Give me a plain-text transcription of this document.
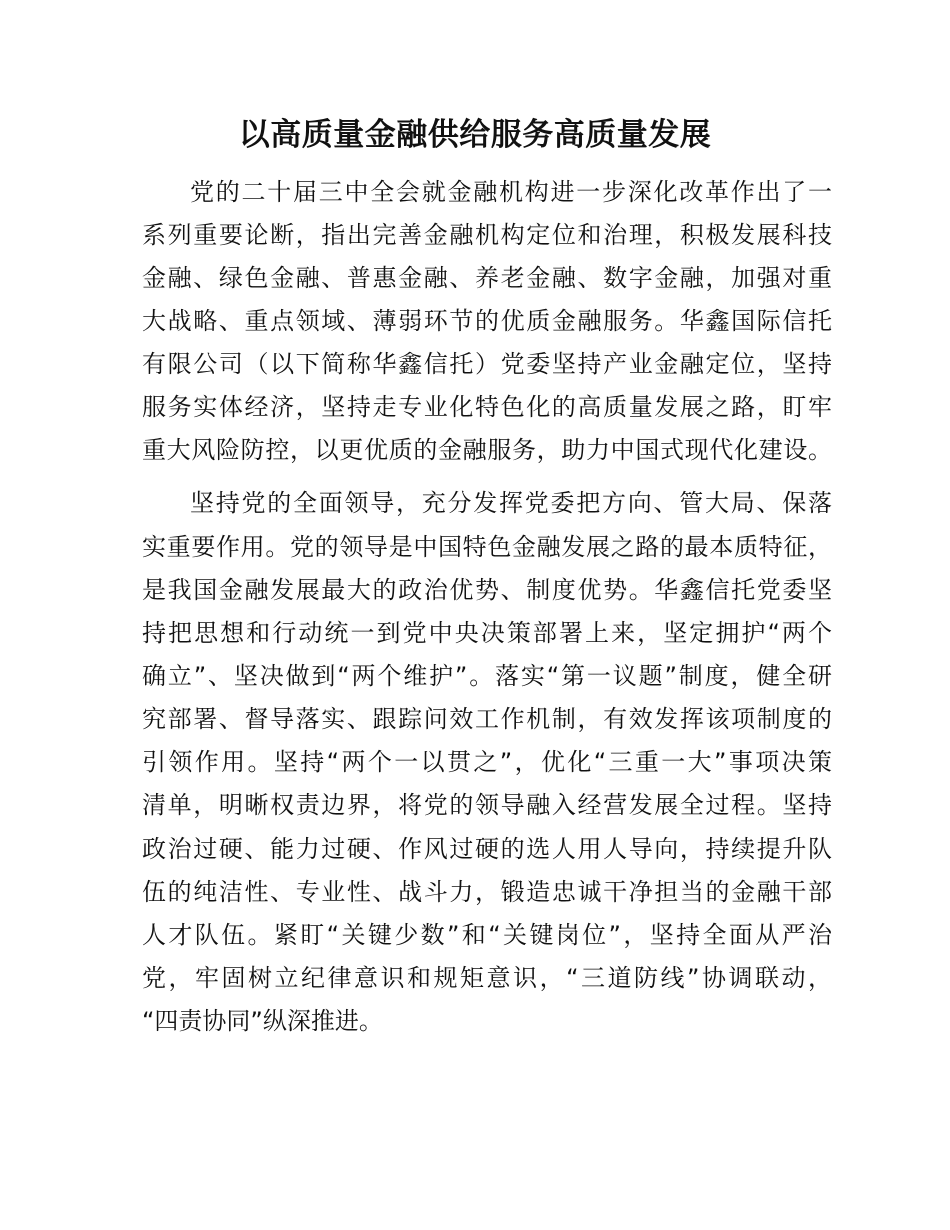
以高质量金融供给服务高质量发展

党的二十届三中全会就金融机构进一步深化改革作出了一

系列重要论断，指出完善金融机构定位和治理，积极发展科技

金融、绿色金融、普惠金融、养老金融、数字金融，加强对重

大战略、重点领域、薄弱环节的优质金融服务。华鑫国际信托

有限公司（以下简称华鑫信托）党委坚持产业金融定位，坚持

服务实体经济，坚持走专业化特色化的高质量发展之路，盯牢

重大风险防控，以更优质的金融服务，助力中国式现代化建设。

坚持党的全面领导，充分发挥党委把方向、管大局、保落

实重要作用。党的领导是中国特色金融发展之路的最本质特征，

是我国金融发展最大的政治优势、制度优势。华鑫信托党委坚

持把思想和行动统一到党中央决策部署上来，坚定拥护“两个

确立”、坚决做到“两个维护”。落实“第一议题”制度，健全研

究部署、督导落实、跟踪问效工作机制，有效发挥该项制度的

引领作用。坚持“两个一以贯之”，优化“三重一大”事项决策

清单，明晰权责边界，将党的领导融入经营发展全过程。坚持

政治过硬、能力过硬、作风过硬的选人用人导向，持续提升队

伍的纯洁性、专业性、战斗力，锻造忠诚干净担当的金融干部

人才队伍。紧盯“关键少数”和“关键岗位”，坚持全面从严治

党，牢固树立纪律意识和规矩意识，“三道防线”协调联动，

“四责协同”纵深推进。
